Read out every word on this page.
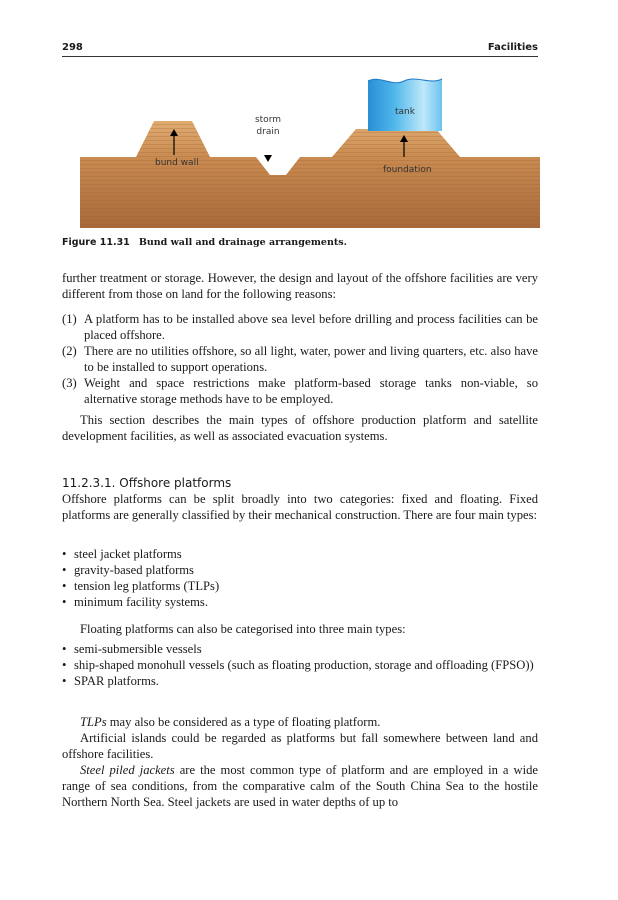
298	Facilities
storm
drain
tank
bund wall
foundation
Figure 11.31 Bund wall and drainage arrangements.

further treatment or storage. However, the design and layout of the offshore facilities are very different from those on land for the following reasons:

(1) A platform has to be installed above sea level before drilling and process facilities can be placed offshore.
(2) There are no utilities offshore, so all light, water, power and living quarters, etc. also have to be installed to support operations.
(3) Weight and space restrictions make platform-based storage tanks non-viable, so alternative storage methods have to be employed.

This section describes the main types of offshore production platform and satellite development facilities, as well as associated evacuation systems.

11.2.3.1. Offshore platforms

Offshore platforms can be split broadly into two categories: fixed and floating. Fixed platforms are generally classified by their mechanical construction. There are four main types:

• steel jacket platforms
• gravity-based platforms
• tension leg platforms (TLPs)
• minimum facility systems.

Floating platforms can also be categorised into three main types:

• semi-submersible vessels
• ship-shaped monohull vessels (such as floating production, storage and offloading (FPSO))
• SPAR platforms.

TLPs may also be considered as a type of floating platform.

Artificial islands could be regarded as platforms but fall somewhere between land and offshore facilities.

Steel piled jackets are the most common type of platform and are employed in a wide range of sea conditions, from the comparative calm of the South China Sea to the hostile Northern North Sea. Steel jackets are used in water depths of up to
